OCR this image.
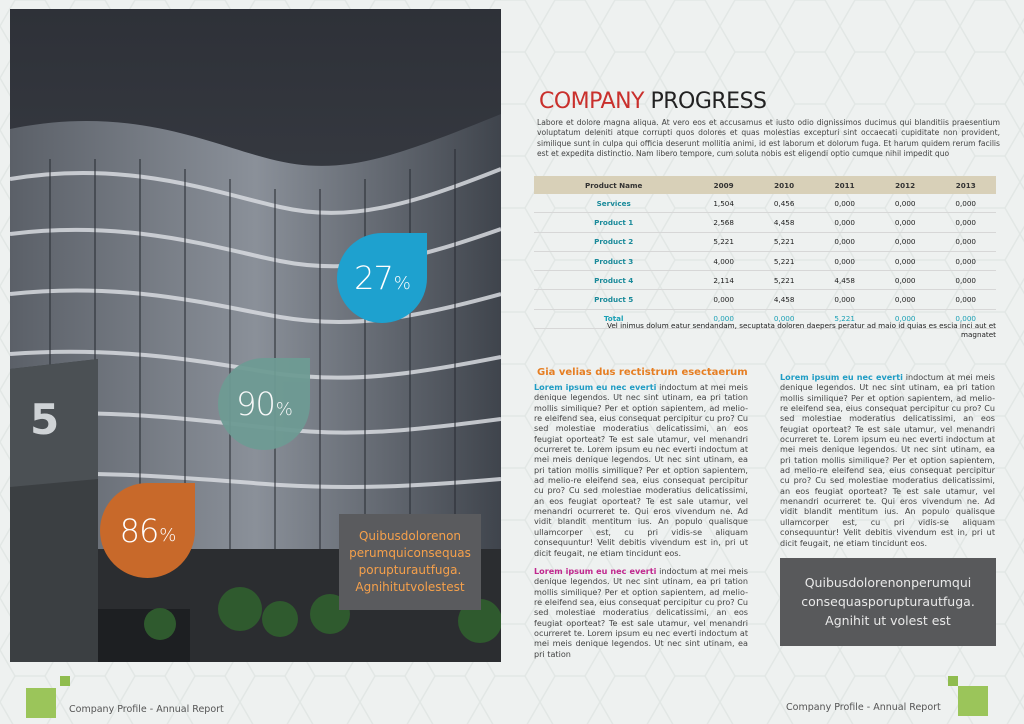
5
27 %
90 %
86 %	Quibusdolorenon
perumquiconsequas
porupturautfuga.
Agnihitutvolestest
COMPANY PROGRESS
Labore et dolore magna aliqua. At vero eos et accusamus et iusto odio dignissimos ducimus qui blanditiis praesentium voluptatum deleniti atque corrupti quos dolores et quas molestias excepturi sint occaecati cupiditate non provident, similique sunt in culpa qui officia deserunt mollitia animi, id est laborum et dolorum fuga. Et harum quidem rerum facilis est et expedita distinctio. Nam libero tempore, cum soluta nobis est eligendi optio cumque nihil impedit quo
Product Name	2009	2010	2011	2012	2013
Services	1,504	0,456	0,000	0,000	0,000
Product 1	2,568	4,458	0,000	0,000	0,000
Product 2	5,221	5,221	0,000	0,000	0,000
Product 3	4,000	5,221	0,000	0,000	0,000
Product 4	2,114	5,221	4,458	0,000	0,000
Product 5	0,000	4,458	0,000	0,000	0,000
Total	0,000	0,000	5,221	0,000	0,000
Vel inimus dolum eatur sendandam, secuptata doloren daepers peratur ad maio id quias es escia inci aut et magnatet
Gia velias dus rectistrum esectaerum

Lorem ipsum eu nec everti indoctum at mei meis denique legendos. Ut nec sint utinam, ea pri tation mollis similique? Per et option sapientem, ad melio-re eleifend sea, eius consequat percipitur cu pro? Cu sed molestiae moderatius delicatissimi, an eos feugiat oporteat? Te est sale utamur, vel menandri ocurreret te. Lorem ipsum eu nec everti indoctum at mei meis denique legendos. Ut nec sint utinam, ea pri tation mollis similique? Per et option sapientem, ad melio-re eleifend sea, eius consequat percipitur cu pro? Cu sed molestiae moderatius delicatissimi, an eos feugiat oporteat? Te est sale utamur, vel menandri ocurreret te. Qui eros vivendum ne. Ad vidit blandit mentitum ius. An populo qualisque ullamcorper est, cu pri vidis-se aliquam consequuntur! Velit debitis vivendum est in, pri ut dicit feugait, ne etiam tincidunt eos.

Lorem ipsum eu nec everti indoctum at mei meis denique legendos. Ut nec sint utinam, ea pri tation mollis similique? Per et option sapientem, ad melio-re eleifend sea, eius consequat percipitur cu pro? Cu sed molestiae moderatius delicatissimi, an eos feugiat oporteat? Te est sale utamur, vel menandri ocurreret te. Lorem ipsum eu nec everti indoctum at mei meis denique legendos. Ut nec sint utinam, ea pri tation

Lorem ipsum eu nec everti indoctum at mei meis denique legendos. Ut nec sint utinam, ea pri tation mollis similique? Per et option sapientem, ad melio-re eleifend sea, eius consequat percipitur cu pro? Cu sed molestiae moderatius delicatissimi, an eos feugiat oporteat? Te est sale utamur, vel menandri ocurreret te. Lorem ipsum eu nec everti indoctum at mei meis denique legendos. Ut nec sint utinam, ea pri tation mollis similique? Per et option sapientem, ad melio-re eleifend sea, eius consequat percipitur cu pro? Cu sed molestiae moderatius delicatissimi, an eos feugiat oporteat? Te est sale utamur, vel menandri ocurreret te. Qui eros vivendum ne. Ad vidit blandit mentitum ius. An populo qualisque ullamcorper est, cu pri vidis-se aliquam consequuntur! Velit debitis vivendum est in, pri ut dicit feugait, ne etiam tincidunt eos.

Quibusdolorenonperumqui
consequasporupturautfuga.
Agnihit ut volest est
Company Profile - Annual Report	Company Profile - Annual Report
